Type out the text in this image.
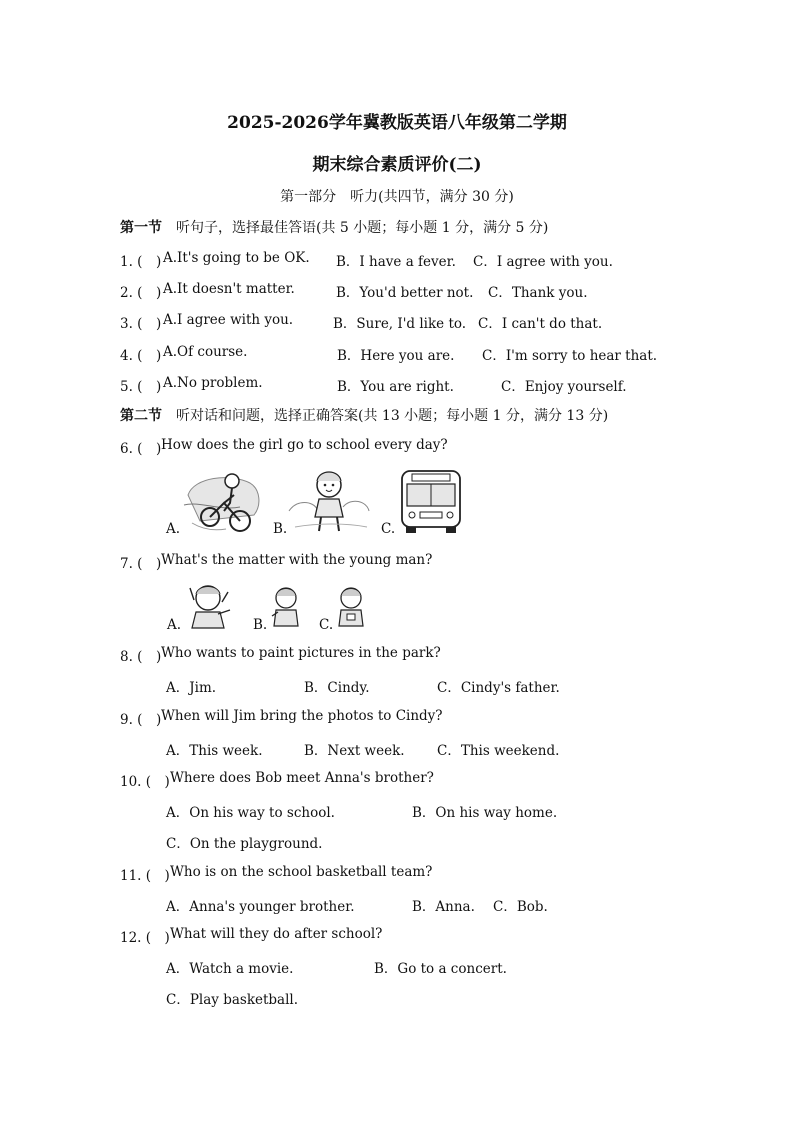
2025-2026学年冀教版英语八年级第二学期
期末综合素质评价(二)
第一部分　听力(共四节，满分 30 分)
第一节　 听句子，选择最佳答语(共 5 小题；每小题 1 分，满分 5 分)
1. (　) A.It's going to be OK. B．I have a fever. C．I agree with you.
2. (　) A.It doesn't matter.	B．You'd better not. C．Thank you.
3. (　) A.I agree with you.	B．Sure, I'd like to. C．I can't do that.
4. (　) A.Of course.	B．Here you are. C．I'm sorry to hear that.
5. (　) A.No problem.	B．You are right.	C．Enjoy yourself.
第二节　 听对话和问题，选择正确答案(共 13 小题；每小题 1 分，满分 13 分)
6. (　) How does the girl go to school every day?
A.	B.	C.
7. (　) What's the matter with the young man?
A.	B.	C.
8. (　) Who wants to paint pictures in the park?
A．Jim.	B．Cindy.	C．Cindy's father.
9. (　) When will Jim bring the photos to Cindy?
A．This week.	B．Next week. C．This weekend.
10. (　) Where does Bob meet Anna's brother?
A．On his way to school.	B．On his way home.
C．On the playground.
11. (　) Who is on the school basketball team?
A．Anna's younger brother.	B．Anna. C．Bob.
12. (　) What will they do after school?
A．Watch a movie.	B．Go to a concert.
C．Play basketball.
